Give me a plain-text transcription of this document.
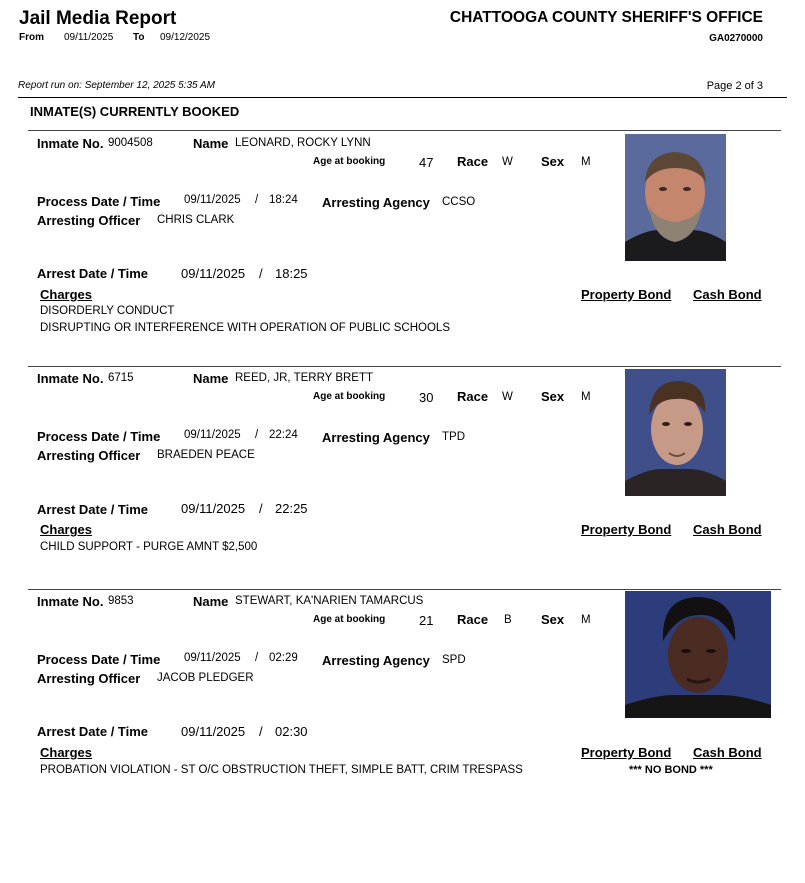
Jail Media Report
From 09/11/2025 To 09/12/2025
CHATTOOGA COUNTY SHERIFF'S OFFICE
GA0270000
Report run on: September 12, 2025 5:35 AM	Page 2 of 3
INMATE(S) CURRENTLY BOOKED
Inmate No. 9004508	Name LEONARD, ROCKY LYNN
Age at booking	47 Race W Sex M
Process Date / Time 09/11/2025 / 18:24 Arresting Agency CCSO
Arresting Officer CHRIS CLARK
Arrest Date / Time	09/11/2025 / 18:25
Charges	Property Bond Cash Bond
DISORDERLY CONDUCT
DISRUPTING OR INTERFERENCE WITH OPERATION OF PUBLIC SCHOOLS
Inmate No. 6715	Name REED, JR, TERRY BRETT
Age at booking	30 Race W Sex M
Process Date / Time 09/11/2025 / 22:24 Arresting Agency TPD
Arresting Officer BRAEDEN PEACE
Arrest Date / Time	09/11/2025 / 22:25
Charges	Property Bond Cash Bond
CHILD SUPPORT - PURGE AMNT $2,500
Inmate No. 9853	Name STEWART, KA'NARIEN TAMARCUS
Age at booking	21 Race B Sex M
Process Date / Time 09/11/2025 / 02:29 Arresting Agency SPD
Arresting Officer JACOB PLEDGER
Arrest Date / Time	09/11/2025 / 02:30
Charges	Property Bond Cash Bond
PROBATION VIOLATION - ST O/C OBSTRUCTION THEFT, SIMPLE BATT, CRIM TRESPASS	*** NO BOND ***
